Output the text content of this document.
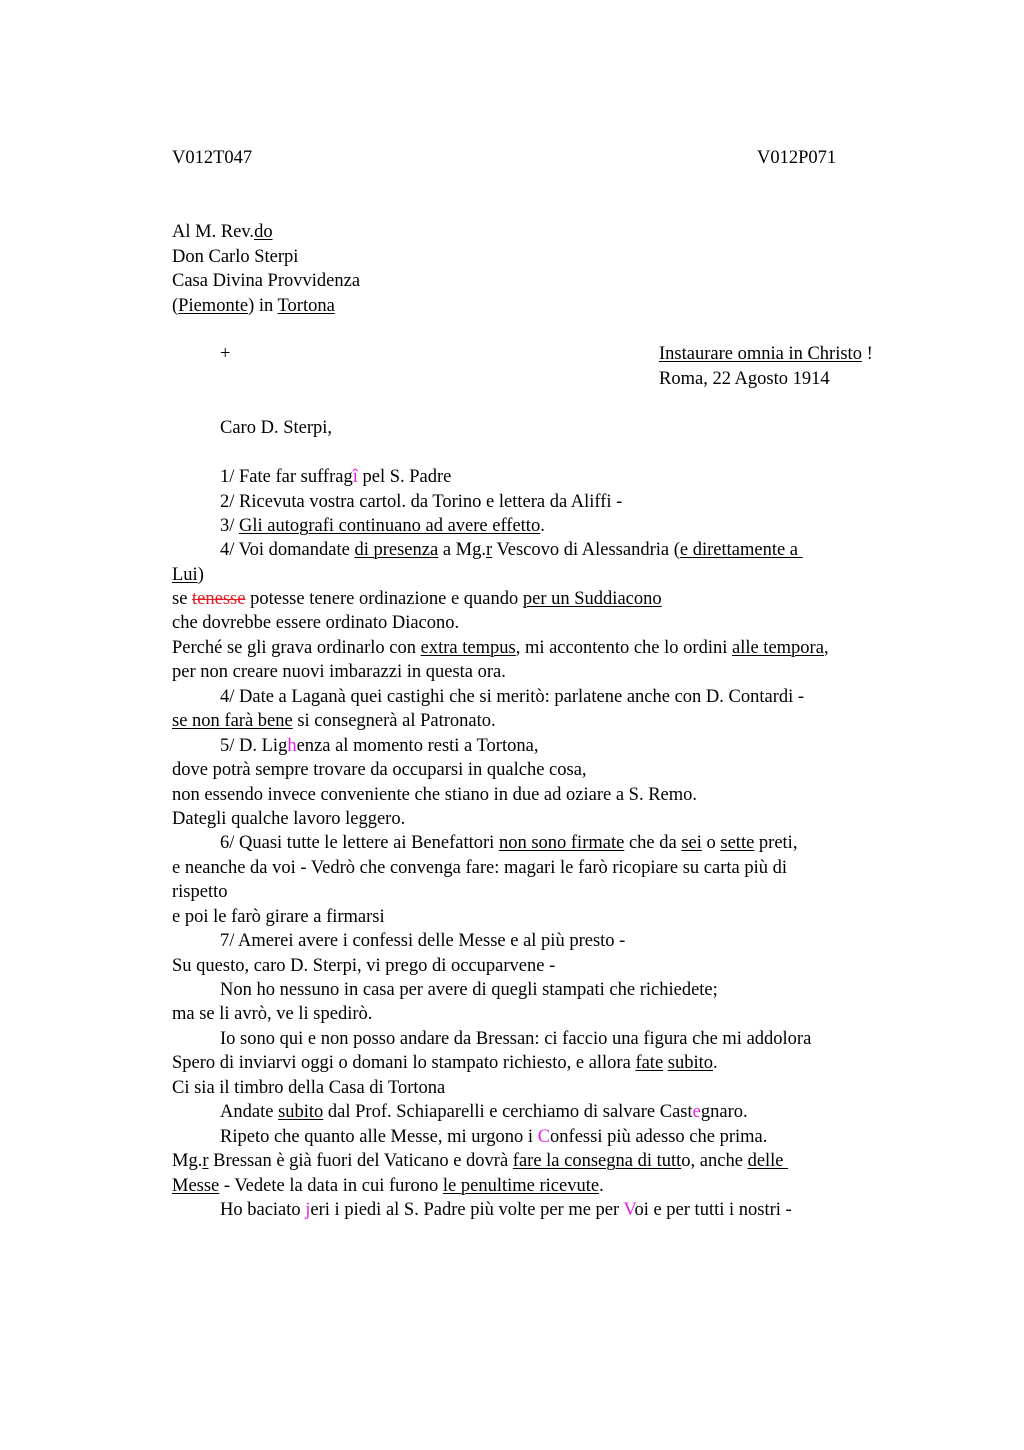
V012T047	V012P071
Al M. Rev.do
Don Carlo Sterpi
Casa Divina Provvidenza
(Piemonte) in Tortona
+	Instaurare omnia in Christo !
Roma, 22 Agosto 1914
Caro D. Sterpi,
1/ Fate far suffragî pel S. Padre
2/ Ricevuta vostra cartol. da Torino e lettera da Aliffi -
3/ Gli autografi continuano ad avere effetto.
4/ Voi domandate di presenza a Mg.r Vescovo di Alessandria (e direttamente a
Lui)
se tenesse potesse tenere ordinazione e quando per un Suddiacono
che dovrebbe essere ordinato Diacono.
Perché se gli grava ordinarlo con extra tempus, mi accontento che lo ordini alle tempora,
per non creare nuovi imbarazzi in questa ora.
4/ Date a Laganà quei castighi che si meritò: parlatene anche con D. Contardi -
se non farà bene si consegnerà al Patronato.
5/ D. Lighenza al momento resti a Tortona,
dove potrà sempre trovare da occuparsi in qualche cosa,
non essendo invece conveniente che stiano in due ad oziare a S. Remo.
Dategli qualche lavoro leggero.
6/ Quasi tutte le lettere ai Benefattori non sono firmate che da sei o sette preti,
e neanche da voi - Vedrò che convenga fare: magari le farò ricopiare su carta più di
rispetto
e poi le farò girare a firmarsi
7/ Amerei avere i confessi delle Messe e al più presto -
Su questo, caro D. Sterpi, vi prego di occuparvene -
Non ho nessuno in casa per avere di quegli stampati che richiedete;
ma se li avrò, ve li spedirò.
Io sono qui e non posso andare da Bressan: ci faccio una figura che mi addolora
Spero di inviarvi oggi o domani lo stampato richiesto, e allora fate subito.
Ci sia il timbro della Casa di Tortona
Andate subito dal Prof. Schiaparelli e cerchiamo di salvare Castegnaro.
Ripeto che quanto alle Messe, mi urgono i Confessi più adesso che prima.
Mg.r Bressan è già fuori del Vaticano e dovrà fare la consegna di tutto, anche delle
Messe - Vedete la data in cui furono le penultime ricevute.
Ho baciato jeri i piedi al S. Padre più volte per me per Voi e per tutti i nostri -
